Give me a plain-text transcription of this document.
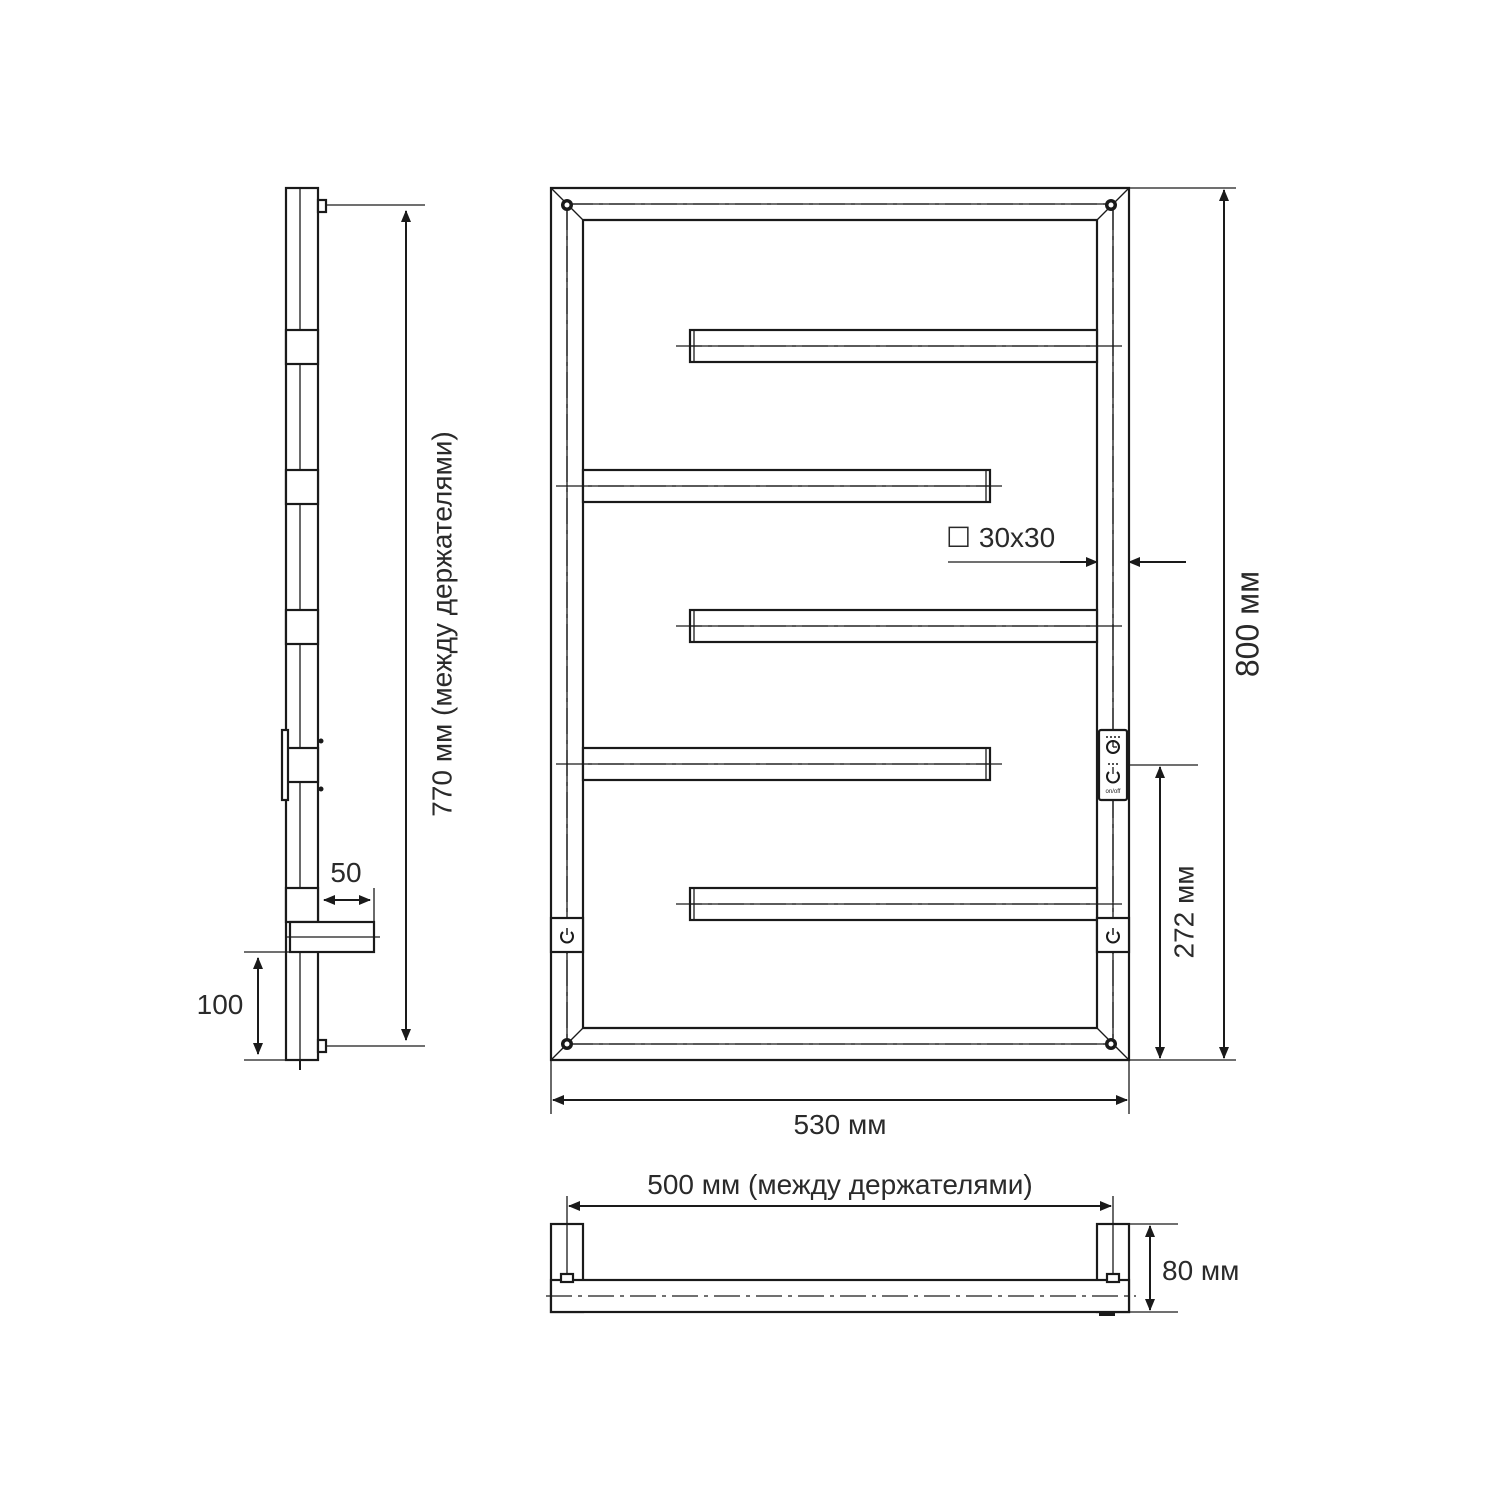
770 мм (между держателями)
50
100
on/off
☐ 30х30
800 мм
272 мм
530 мм
500 мм (между держателями)
80 мм
